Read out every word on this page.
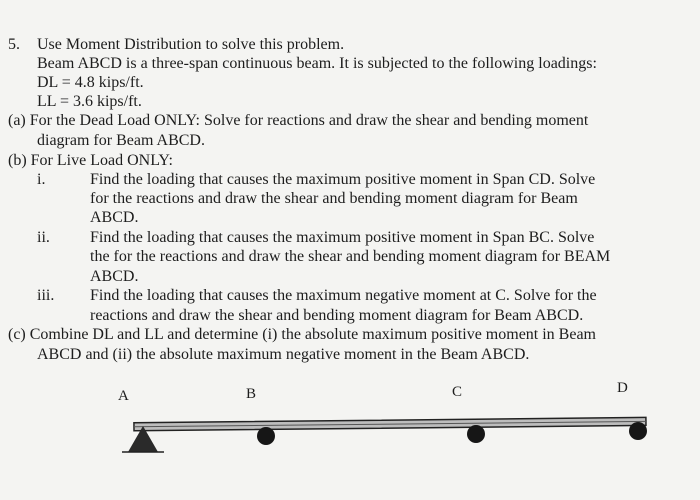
5. Use Moment Distribution to solve this problem.
Beam ABCD is a three-span continuous beam. It is subjected to the following loadings:
DL = 4.8 kips/ft.
LL = 3.6 kips/ft.
(a) For the Dead Load ONLY: Solve for reactions and draw the shear and bending moment
diagram for Beam ABCD.
(b) For Live Load ONLY:
i.	Find the loading that causes the maximum positive moment in Span CD. Solve
for the reactions and draw the shear and bending moment diagram for Beam
ABCD.
ii.	Find the loading that causes the maximum positive moment in Span BC. Solve
the for the reactions and draw the shear and bending moment diagram for BEAM
ABCD.
iii. Find the loading that causes the maximum negative moment at C. Solve for the
reactions and draw the shear and bending moment diagram for Beam ABCD.
(c) Combine DL and LL and determine (i) the absolute maximum positive moment in Beam
ABCD and (ii) the absolute maximum negative moment in the Beam ABCD.
A	B	C	D
